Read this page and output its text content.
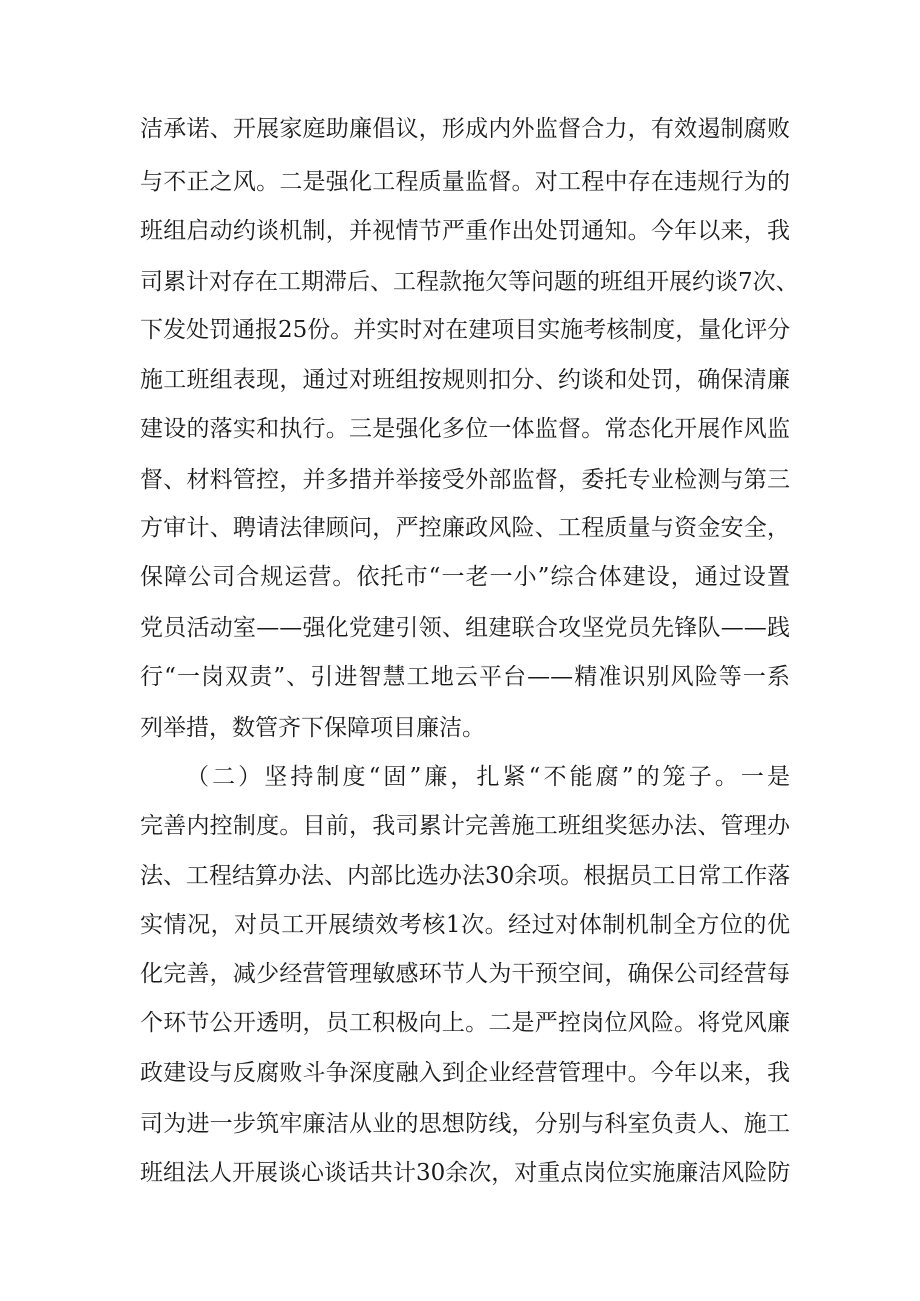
洁承诺、开展家庭助廉倡议，形成内外监督合力，有效遏制腐败
与不正之风。二是强化工程质量监督。对工程中存在违规行为的
班组启动约谈机制，并视情节严重作出处罚通知。今年以来，我
司累计对存在工期滞后、工程款拖欠等问题的班组开展约谈7次、
下发处罚通报25份。并实时对在建项目实施考核制度，量化评分
施工班组表现，通过对班组按规则扣分、约谈和处罚，确保清廉
建设的落实和执行。三是强化多位一体监督。常态化开展作风监
督、材料管控，并多措并举接受外部监督，委托专业检测与第三
方审计、聘请法律顾问，严控廉政风险、工程质量与资金安全，
保障公司合规运营。依托市“一老一小”综合体建设，通过设置
党员活动室——强化党建引领、组建联合攻坚党员先锋队——践
行“一岗双责”、引进智慧工地云平台——精准识别风险等一系
列举措，数管齐下保障项目廉洁。
（二）坚持制度“固”廉，扎紧“不能腐”的笼子。一是
完善内控制度。目前，我司累计完善施工班组奖惩办法、管理办
法、工程结算办法、内部比选办法30余项。根据员工日常工作落
实情况，对员工开展绩效考核1次。经过对体制机制全方位的优
化完善，减少经营管理敏感环节人为干预空间，确保公司经营每
个环节公开透明，员工积极向上。二是严控岗位风险。将党风廉
政建设与反腐败斗争深度融入到企业经营管理中。今年以来，我
司为进一步筑牢廉洁从业的思想防线，分别与科室负责人、施工
班组法人开展谈心谈话共计30余次，对重点岗位实施廉洁风险防
